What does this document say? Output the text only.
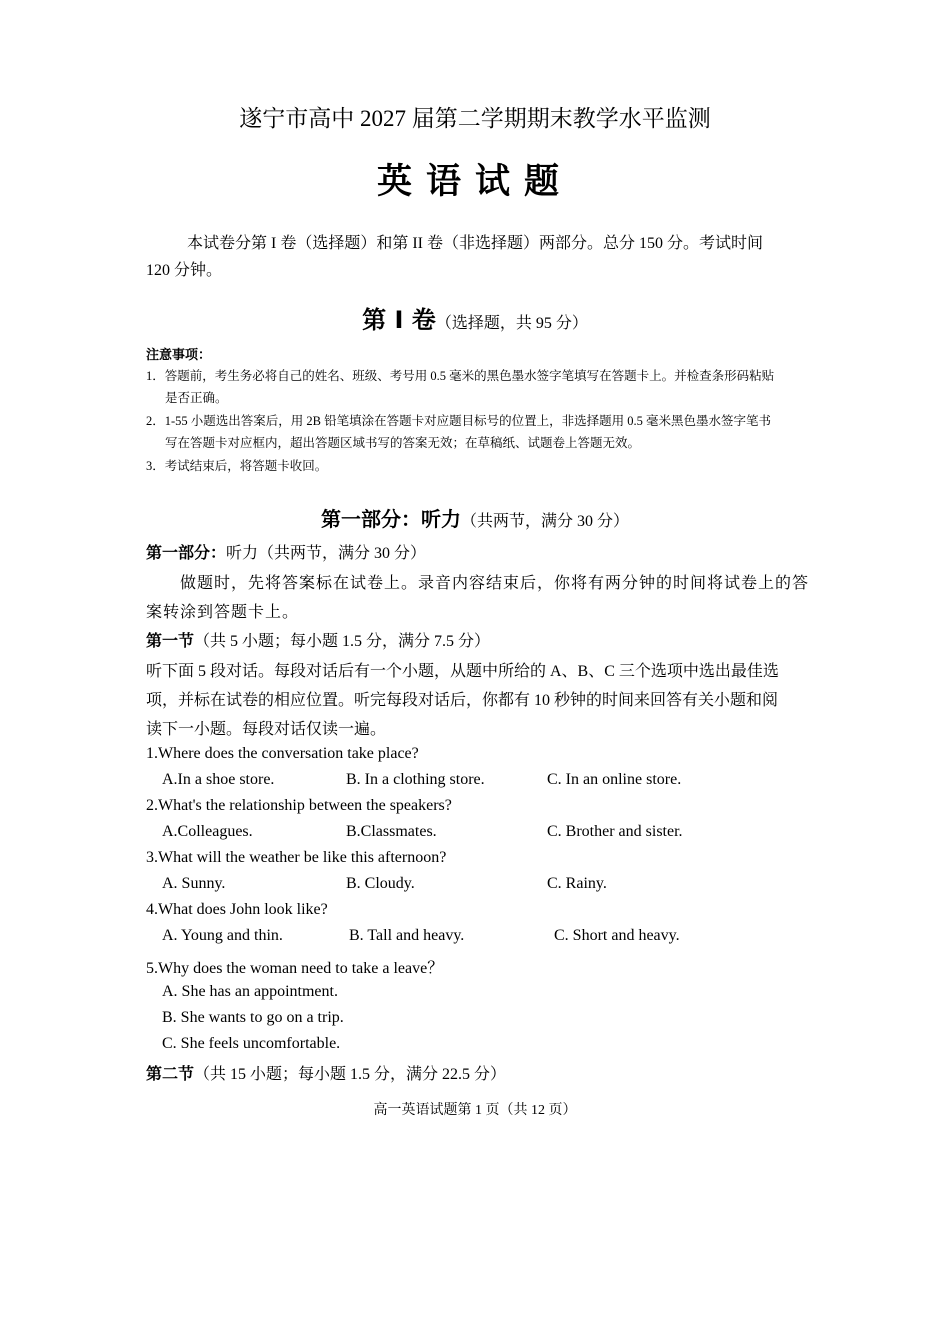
遂宁市高中 2027 届第二学期期末教学水平监测
英语试题
本试卷分第 I 卷（选择题）和第 II 卷（非选择题）两部分。总分 150 分。考试时间
120 分钟。
第 Ⅰ 卷（选择题，共 95 分）
注意事项：
1．答题前，考生务必将自己的姓名、班级、考号用 0.5 毫米的黑色墨水签字笔填写在答题卡上。并检查条形码粘贴
是否正确。
2．1-55 小题选出答案后，用 2B 铅笔填涂在答题卡对应题目标号的位置上，非选择题用 0.5 毫米黑色墨水签字笔书
写在答题卡对应框内，超出答题区域书写的答案无效；在草稿纸、试题卷上答题无效。
3．考试结束后，将答题卡收回。
第一部分：听力（共两节，满分 30 分）
第一部分：听力（共两节，满分 30 分）
做题时，先将答案标在试卷上。录音内容结束后，你将有两分钟的时间将试卷上的答
案转涂到答题卡上。
第一节（共 5 小题；每小题 1.5 分，满分 7.5 分）
听下面 5 段对话。每段对话后有一个小题，从题中所给的 A、B、C 三个选项中选出最佳选
项，并标在试卷的相应位置。听完每段对话后，你都有 10 秒钟的时间来回答有关小题和阅
读下一小题。每段对话仅读一遍。
1.Where does the conversation take place?
A.In a shoe store.	B. In a clothing store.	C. In an online store.
2.What's the relationship between the speakers?
A.Colleagues.	B.Classmates.	C. Brother and sister.
3.What will the weather be like this afternoon?
A. Sunny.	B. Cloudy.	C. Rainy.
4.What does John look like?
A. Young and thin.	B. Tall and heavy.	C. Short and heavy.
5.Why does the woman need to take a leave？
A. She has an appointment.
B. She wants to go on a trip.
C. She feels uncomfortable.
第二节（共 15 小题；每小题 1.5 分，满分 22.5 分）
高一英语试题第 1 页（共 12 页）
